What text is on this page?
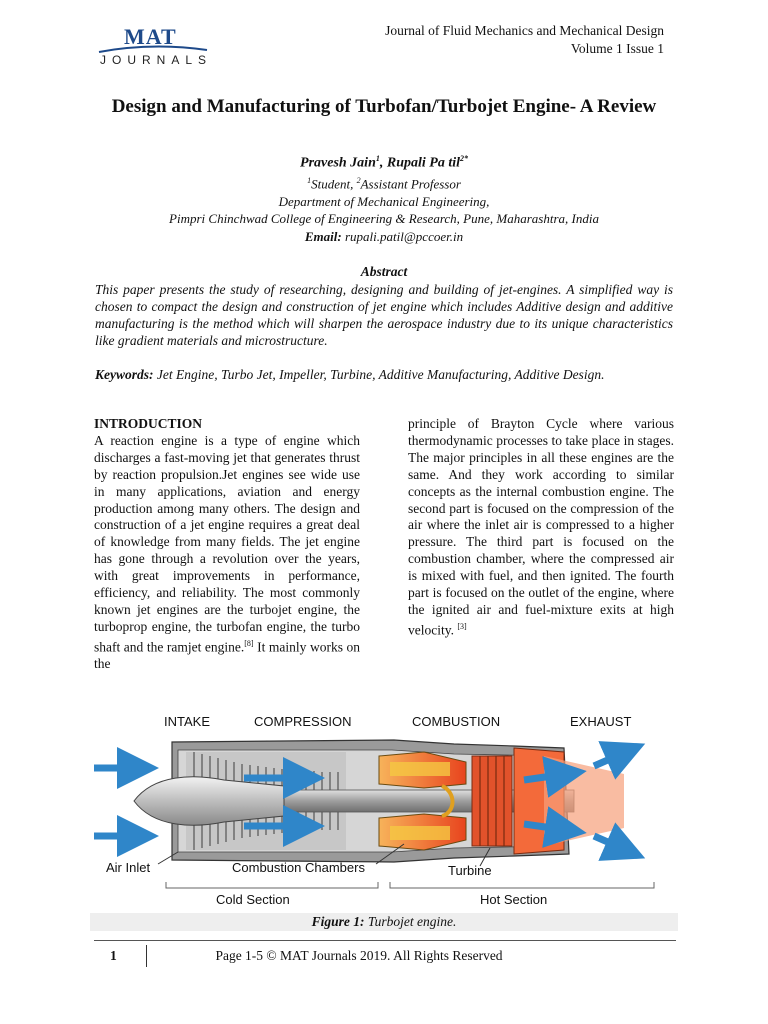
MAT
JOURNALS
Journal of Fluid Mechanics and Mechanical Design
Volume 1 Issue 1
Design and Manufacturing of Turbofan/Turbojet Engine- A Review
Pravesh Jain$^1$, Rupali Pa til$^{2*}$
$^1$Student, $^2$Assistant Professor
Department of Mechanical Engineering,
Pimpri Chinchwad College of Engineering & Research, Pune, Maharashtra, India
Email: rupali.patil@pccoer.in
Abstract
This paper presents the study of researching, designing and building of jet-engines. A simplified way is chosen to compact the design and construction of jet engine which includes Additive design and additive manufacturing is the method which will sharpen the aerospace industry due to its unique characteristics like gradient materials and microstructure.
Keywords: Jet Engine, Turbo Jet, Impeller, Turbine, Additive Manufacturing, Additive Design.
INTRODUCTION

A reaction engine is a type of engine which discharges a fast-moving jet that generates thrust by reaction propulsion.Jet engines see wide use in many applications, aviation and energy production among many others. The design and construction of a jet engine requires a great deal of knowledge from many fields. The jet engine has gone through a revolution over the years, with great improvements in performance, efficiency, and reliability. The most commonly known jet engines are the turbojet engine, the turboprop engine, the turbofan engine, the turbo shaft and the ramjet engine.[8] It mainly works on the

principle of Brayton Cycle where various thermodynamic processes to take place in stages. The major principles in all these engines are the same. And they work according to similar concepts as the internal combustion engine. The second part is focused on the compression of the air where the inlet air is compressed to a higher pressure. The third part is focused on the combustion chamber, where the compressed air is mixed with fuel, and then ignited. The fourth part is focused on the outlet of the engine, where the ignited air and fuel-mixture exits at high velocity. [3]

INTAKE	COMPRESSION	COMBUSTION	EXHAUST
Air Inlet	Combustion Chambers	Turbine
Cold Section	Hot Section
Figure 1: Turbojet engine.
1	Page 1-5 © MAT Journals 2019. All Rights Reserved
